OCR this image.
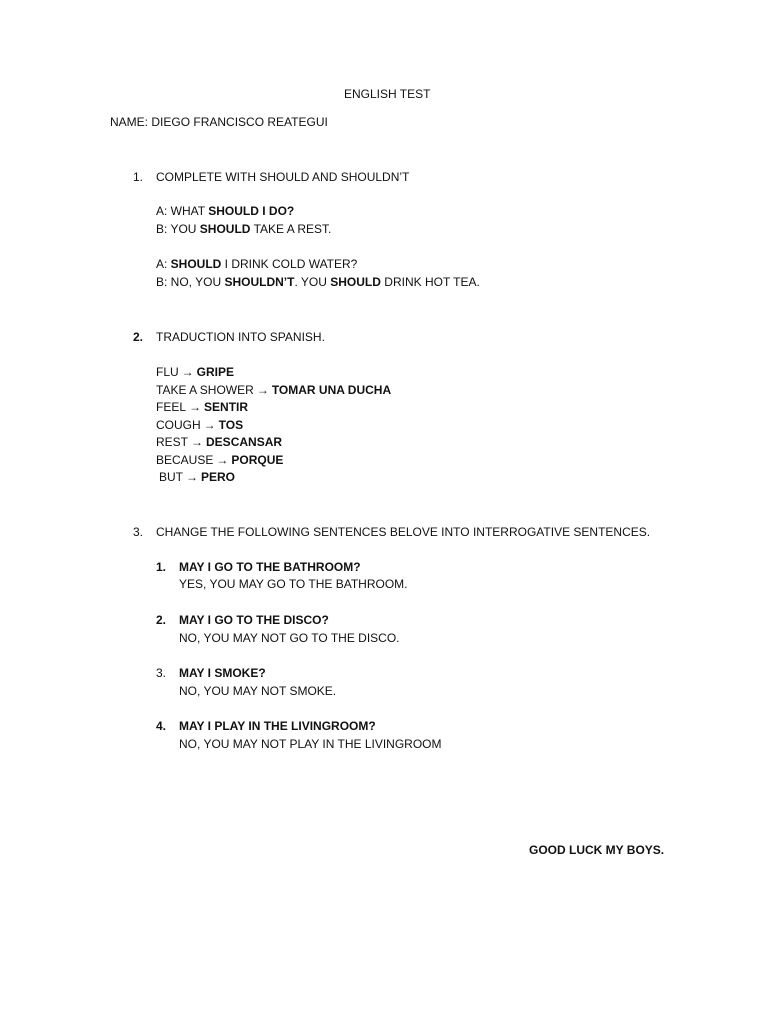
ENGLISH TEST
NAME: DIEGO FRANCISCO REATEGUI
1. COMPLETE WITH SHOULD AND SHOULDN’T
A: WHAT SHOULD I DO?
B: YOU SHOULD TAKE A REST.
A: SHOULD I DRINK COLD WATER?
B: NO, YOU SHOULDN’T. YOU SHOULD DRINK HOT TEA.
2. TRADUCTION INTO SPANISH.
FLU → GRIPE
TAKE A SHOWER → TOMAR UNA DUCHA
FEEL → SENTIR
COUGH → TOS
REST → DESCANSAR
BECAUSE → PORQUE
BUT → PERO
3. CHANGE THE FOLLOWING SENTENCES BELOVE INTO INTERROGATIVE SENTENCES.
1. MAY I GO TO THE BATHROOM?
YES, YOU MAY GO TO THE BATHROOM.
2. MAY I GO TO THE DISCO?
NO, YOU MAY NOT GO TO THE DISCO.
3. MAY I SMOKE?
NO, YOU MAY NOT SMOKE.
4. MAY I PLAY IN THE LIVINGROOM?
NO, YOU MAY NOT PLAY IN THE LIVINGROOM
GOOD LUCK MY BOYS.
